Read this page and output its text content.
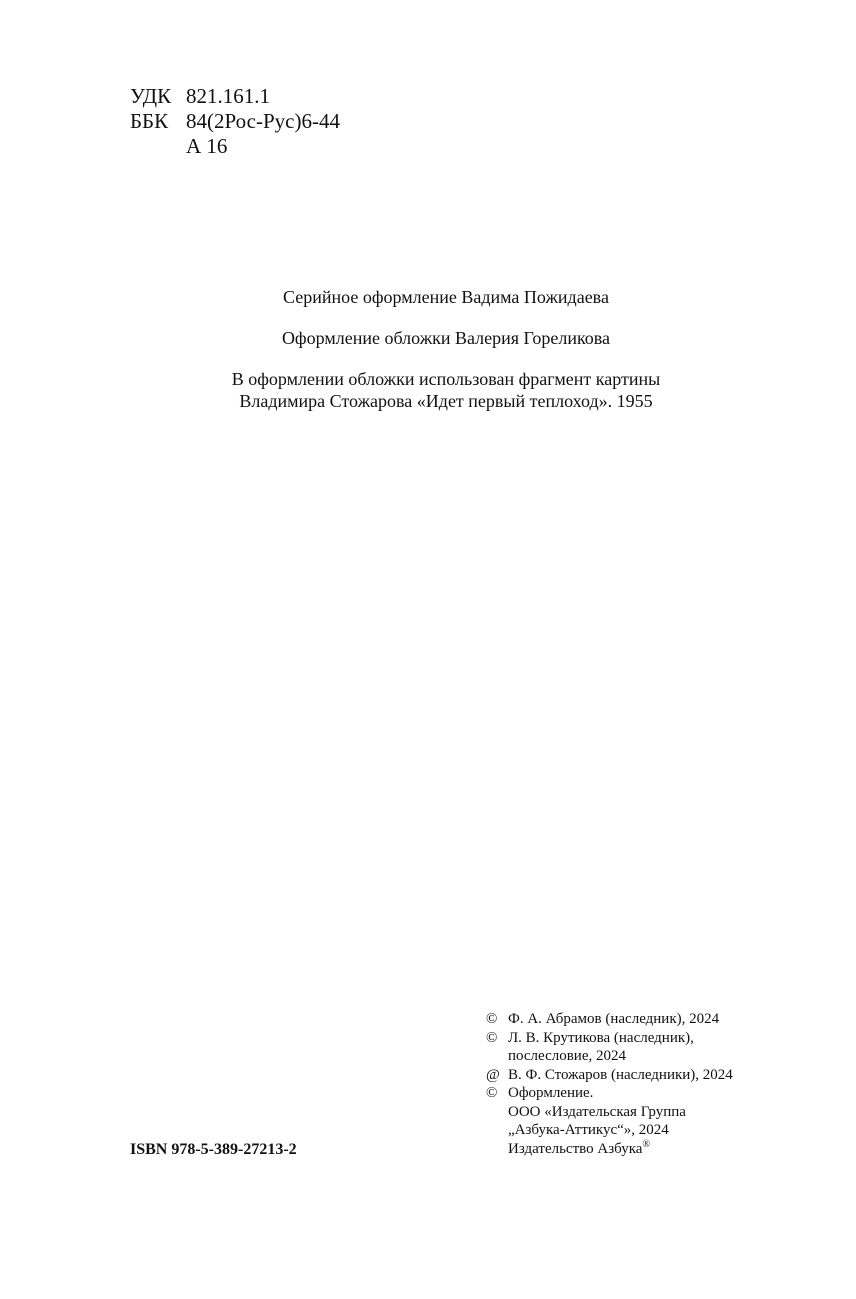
УДК 821.161.1
ББК 84(2Рос-Рус)6-44
А 16
Серийное оформление Вадима Пожидаева
Оформление обложки Валерия Гореликова
В оформлении обложки использован фрагмент картины
Владимира Стожарова «Идет первый теплоход». 1955
ISBN 978-5-389-27213-2
© Ф. А. Абрамов (наследник), 2024
© Л. В. Крутикова (наследник),
послесловие, 2024
@ В. Ф. Стожаров (наследники), 2024
© Оформление.
ООО «Издательская Группа
„Азбука-Аттикус“», 2024
Издательство Азбука®
